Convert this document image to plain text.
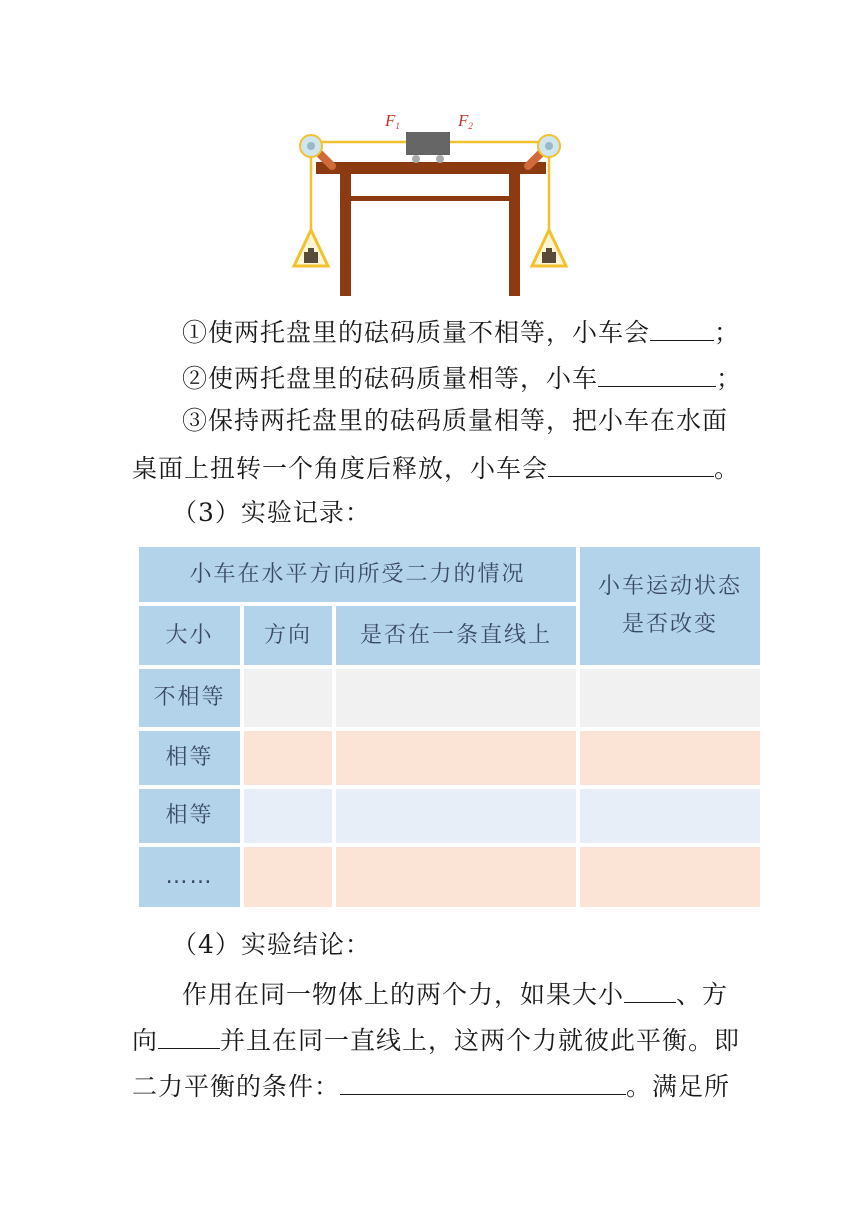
F1	F2
①使两托盘里的砝码质量不相等，小车会	；
②使两托盘里的砝码质量相等，小车	；
③保持两托盘里的砝码质量相等，把小车在水面
桌面上扭转一个角度后释放，小车会	。
（3）实验记录：
小车在水平方向所受二力的情况	小车运动状态
是否改变
大小	方向	是否在一条直线上
不相等
相等
相等
……
（4）实验结论：
作用在同一物体上的两个力，如果大小 、方
向 并且在同一直线上，这两个力就彼此平衡。即
二力平衡的条件：	。满足所
